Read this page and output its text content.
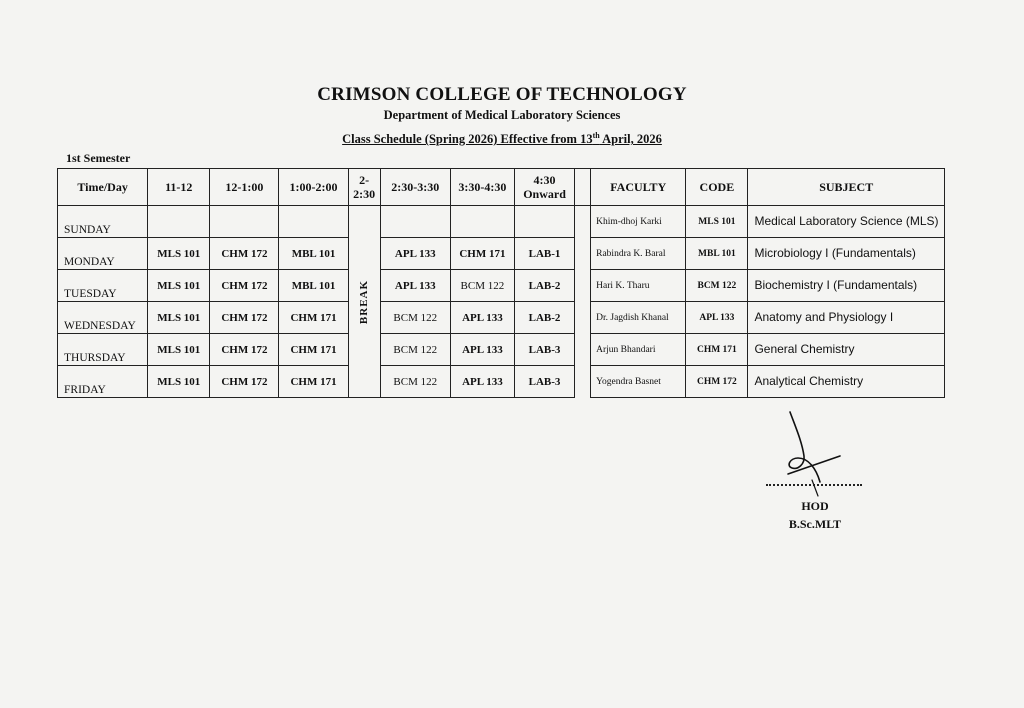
CRIMSON COLLEGE OF TECHNOLOGY
Department of Medical Laboratory Sciences
Class Schedule (Spring 2026) Effective from 13th April, 2026
1st Semester
Time/Day	11-12	12-1:00	1:00-2:00	2-2:30	2:30-3:30	3:30-4:30	4:30 Onward		FACULTY	CODE	SUBJECT
SUNDAY				BREAK					Khim-dhoj Karki	MLS 101	Medical Laboratory Science (MLS)
MONDAY	MLS 101	CHM 172	MBL 101		APL 133	CHM 171	LAB-1		Rabindra K. Baral	MBL 101	Microbiology I (Fundamentals)
TUESDAY	MLS 101	CHM 172	MBL 101		APL 133	BCM 122	LAB-2		Hari K. Tharu	BCM 122	Biochemistry I (Fundamentals)
WEDNESDAY	MLS 101	CHM 172	CHM 171		BCM 122	APL 133	LAB-2		Dr. Jagdish Khanal	APL 133	Anatomy and Physiology I
THURSDAY	MLS 101	CHM 172	CHM 171		BCM 122	APL 133	LAB-3		Arjun Bhandari	CHM 171	General Chemistry
FRIDAY	MLS 101	CHM 172	CHM 171		BCM 122	APL 133	LAB-3		Yogendra Basnet	CHM 172	Analytical Chemistry
HOD
B.Sc.MLT
